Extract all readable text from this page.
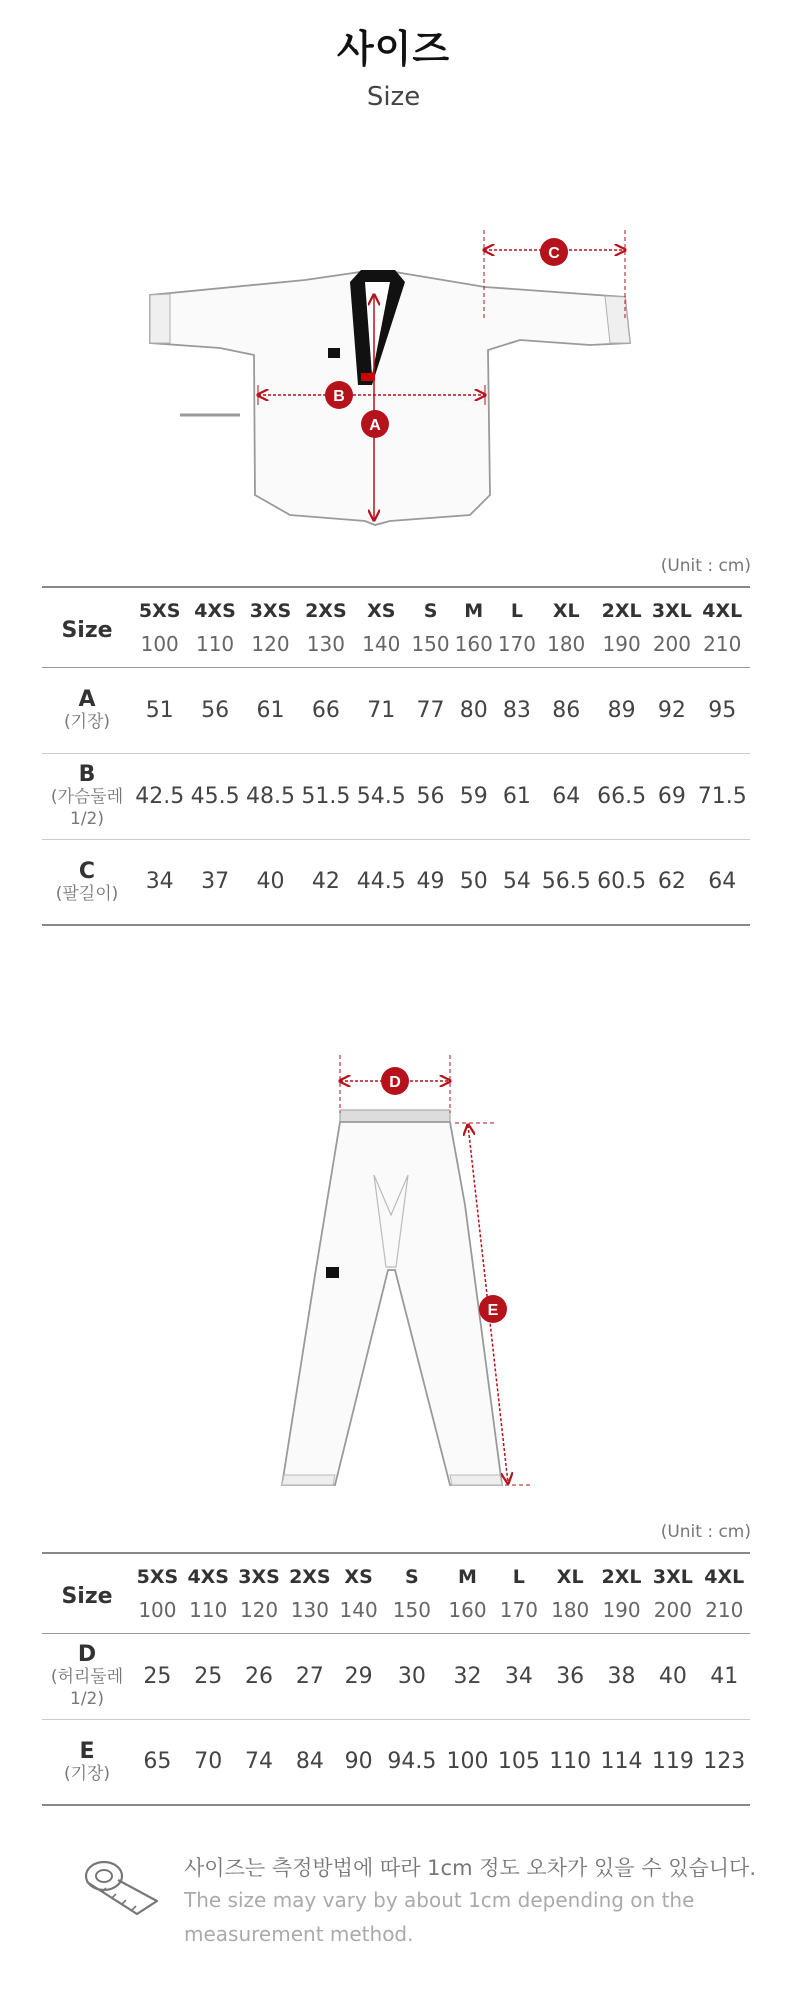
사이즈
Size
C
B
A
(Unit : cm)
Size	5XS	4XS	3XS	2XS	XS	S	M	L	XL	2XL	3XL	4XL
	100	110	120	130	140	150	160	170	180	190	200	210

A
(기장)	51	56	61	66	71	77	80	83	86	89	92	95

B
(가슴둘레
1/2)	42.5	45.5	48.5	51.5	54.5	56	59	61	64	66.5	69	71.5

C
(팔길이)	34	37	40	42	44.5	49	50	54	56.5	60.5	62	64
D
E
(Unit : cm)
Size	5XS	4XS	3XS	2XS	XS	S	M	L	XL	2XL	3XL	4XL
	100	110	120	130	140	150	160	170	180	190	200	210

D
(허리둘레
1/2)	25	25	26	27	29	30	32	34	36	38	40	41

E
(기장)	65	70	74	84	90	94.5	100	105	110	114	119	123
사이즈는 측정방법에 따라 1cm 정도 오차가 있을 수 있습니다.
The size may vary by about 1cm depending on the
measurement method.
